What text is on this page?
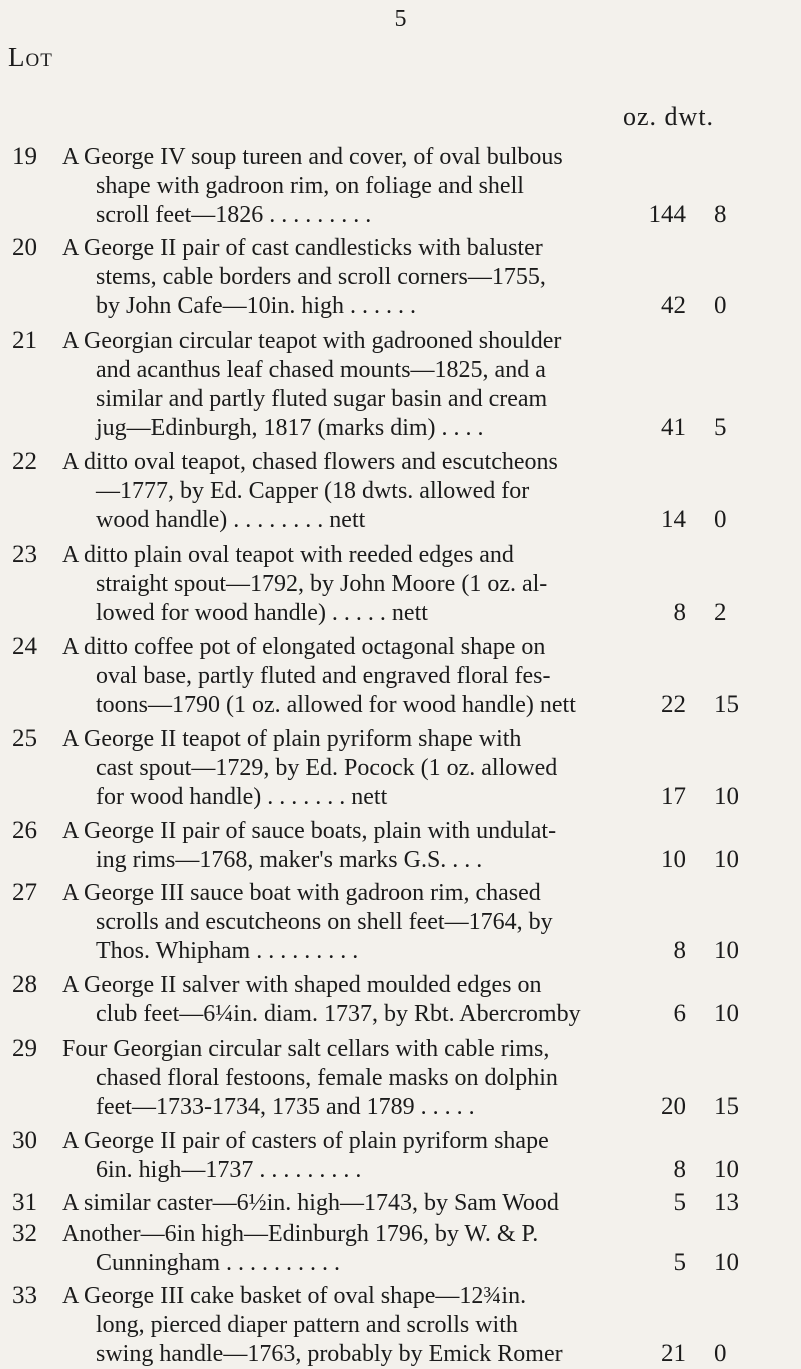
5
Lot
oz. dwt.
19	A George IV soup tureen and cover, of oval bulbous
shape with gadroon rim, on foliage and shell
scroll feet—1826 . . . . . . . . .	144	8
20	A George II pair of cast candlesticks with baluster
stems, cable borders and scroll corners—1755,
by John Cafe—10in. high . . . . . .	42	0
21	A Georgian circular teapot with gadrooned shoulder
and acanthus leaf chased mounts—1825, and a
similar and partly fluted sugar basin and cream
jug—Edinburgh, 1817 (marks dim) . . . .	41	5
22	A ditto oval teapot, chased flowers and escutcheons
—1777, by Ed. Capper (18 dwts. allowed for
wood handle) . . . . . . . . nett	14	0
23	A ditto plain oval teapot with reeded edges and
straight spout—1792, by John Moore (1 oz. al-
lowed for wood handle) . . . . . nett	8	2
24	A ditto coffee pot of elongated octagonal shape on
oval base, partly fluted and engraved floral fes-
toons—1790 (1 oz. allowed for wood handle) nett	22	15
25	A George II teapot of plain pyriform shape with
cast spout—1729, by Ed. Pocock (1 oz. allowed
for wood handle) . . . . . . . nett	17	10
26	A George II pair of sauce boats, plain with undulat-
ing rims—1768, maker's marks G.S. . . .	10	10
27	A George III sauce boat with gadroon rim, chased
scrolls and escutcheons on shell feet—1764, by
Thos. Whipham . . . . . . . . .	8	10
28	A George II salver with shaped moulded edges on
club feet—6¼in. diam. 1737, by Rbt. Abercromby	6	10
29	Four Georgian circular salt cellars with cable rims,
chased floral festoons, female masks on dolphin
feet—1733-1734, 1735 and 1789 . . . . .	20	15
30	A George II pair of casters of plain pyriform shape
6in. high—1737 . . . . . . . . .	8	10
31	A similar caster—6½in. high—1743, by Sam Wood	5	13
32	Another—6in high—Edinburgh 1796, by W. & P.
Cunningham . . . . . . . . . .	5	10
33	A George III cake basket of oval shape—12¾in.
long, pierced diaper pattern and scrolls with
swing handle—1763, probably by Emick Romer	21	0
